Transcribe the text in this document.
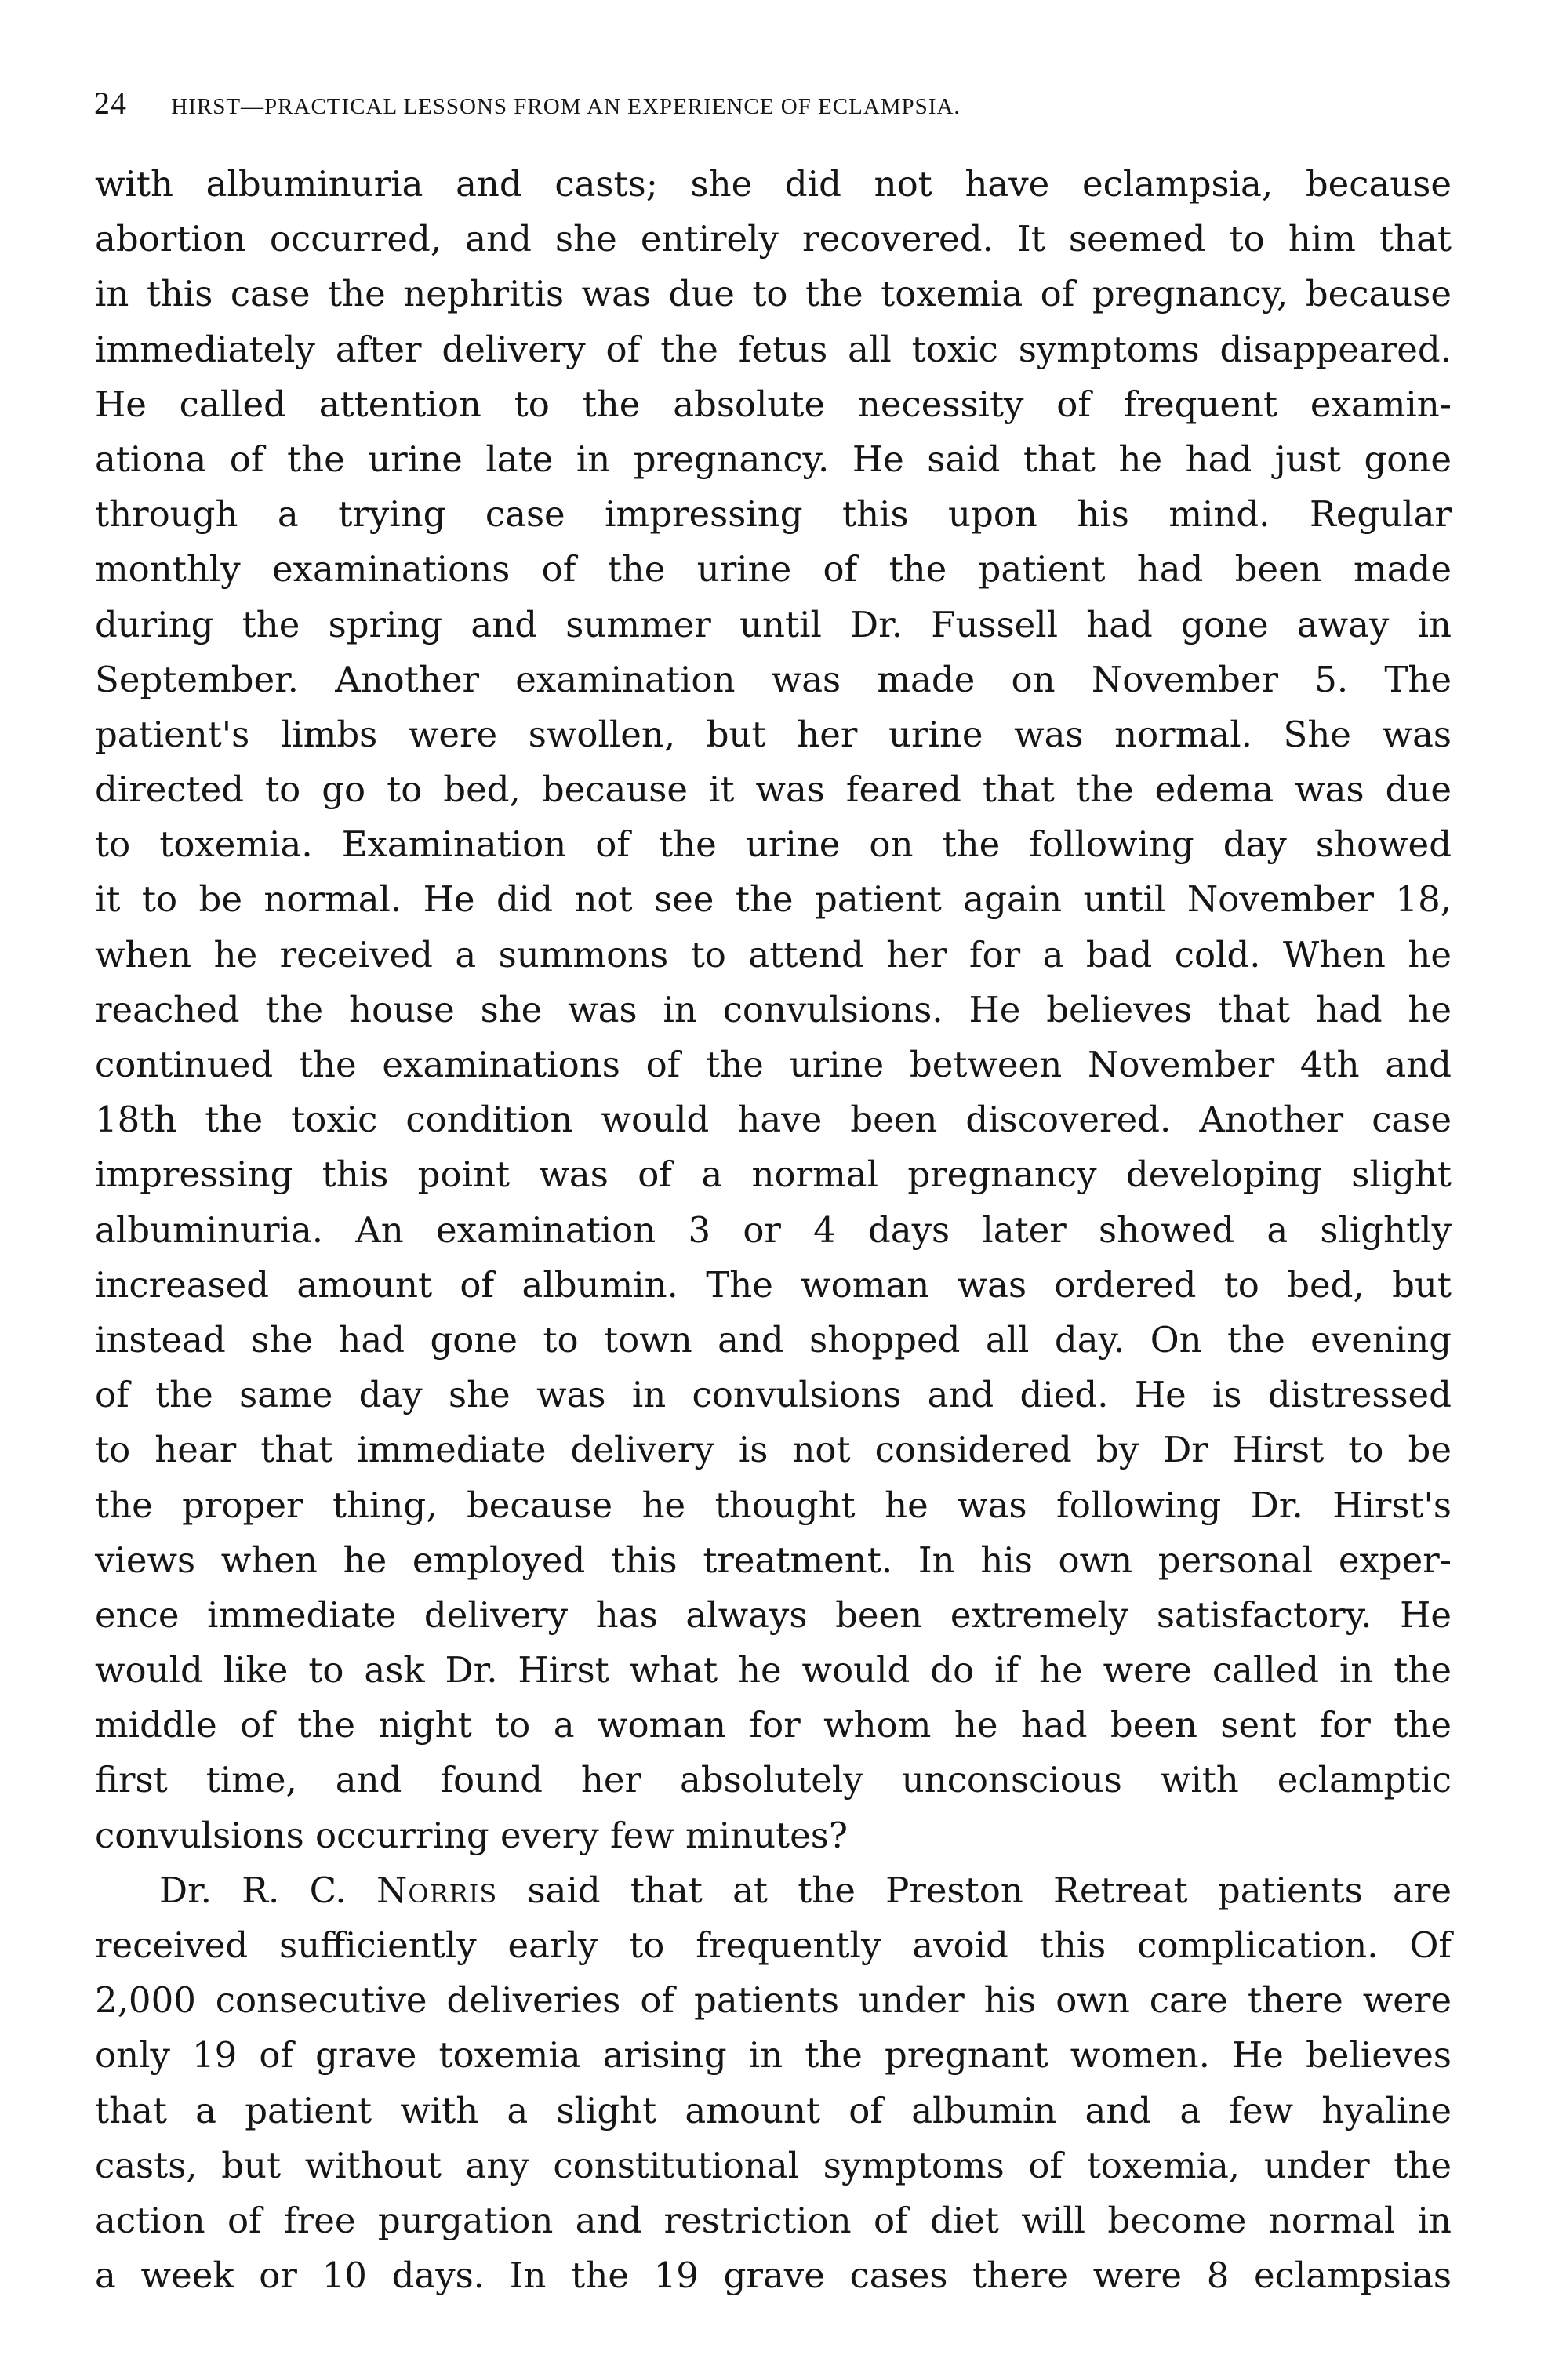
24 HIRST—PRACTICAL LESSONS FROM AN EXPERIENCE OF ECLAMPSIA.
with albuminuria and casts; she did not have eclampsia, because
abortion occurred, and she entirely recovered. It seemed to him that
in this case the nephritis was due to the toxemia of pregnancy, because
immediately after delivery of the fetus all toxic symptoms disappeared.
He called attention to the absolute necessity of frequent examin-
ationa of the urine late in pregnancy. He said that he had just gone
through a trying case impressing this upon his mind. Regular
monthly examinations of the urine of the patient had been made
during the spring and summer until Dr. Fussell had gone away in
September. Another examination was made on November 5. The
patient's limbs were swollen, but her urine was normal. She was
directed to go to bed, because it was feared that the edema was due
to toxemia. Examination of the urine on the following day showed
it to be normal. He did not see the patient again until November 18,
when he received a summons to attend her for a bad cold. When he
reached the house she was in convulsions. He believes that had he
continued the examinations of the urine between November 4th and
18th the toxic condition would have been discovered. Another case
impressing this point was of a normal pregnancy developing slight
albuminuria. An examination 3 or 4 days later showed a slightly
increased amount of albumin. The woman was ordered to bed, but
instead she had gone to town and shopped all day. On the evening
of the same day she was in convulsions and died. He is distressed
to hear that immediate delivery is not considered by Dr Hirst to be
the proper thing, because he thought he was following Dr. Hirst's
views when he employed this treatment. In his own personal exper-
ence immediate delivery has always been extremely satisfactory. He
would like to ask Dr. Hirst what he would do if he were called in the
middle of the night to a woman for whom he had been sent for the
first time, and found her absolutely unconscious with eclamptic
convulsions occurring every few minutes?
Dr. R. C. Norris said that at the Preston Retreat patients are
received sufficiently early to frequently avoid this complication. Of
2,000 consecutive deliveries of patients under his own care there were
only 19 of grave toxemia arising in the pregnant women. He believes
that a patient with a slight amount of albumin and a few hyaline
casts, but without any constitutional symptoms of toxemia, under the
action of free purgation and restriction of diet will become normal in
a week or 10 days. In the 19 grave cases there were 8 eclampsias
